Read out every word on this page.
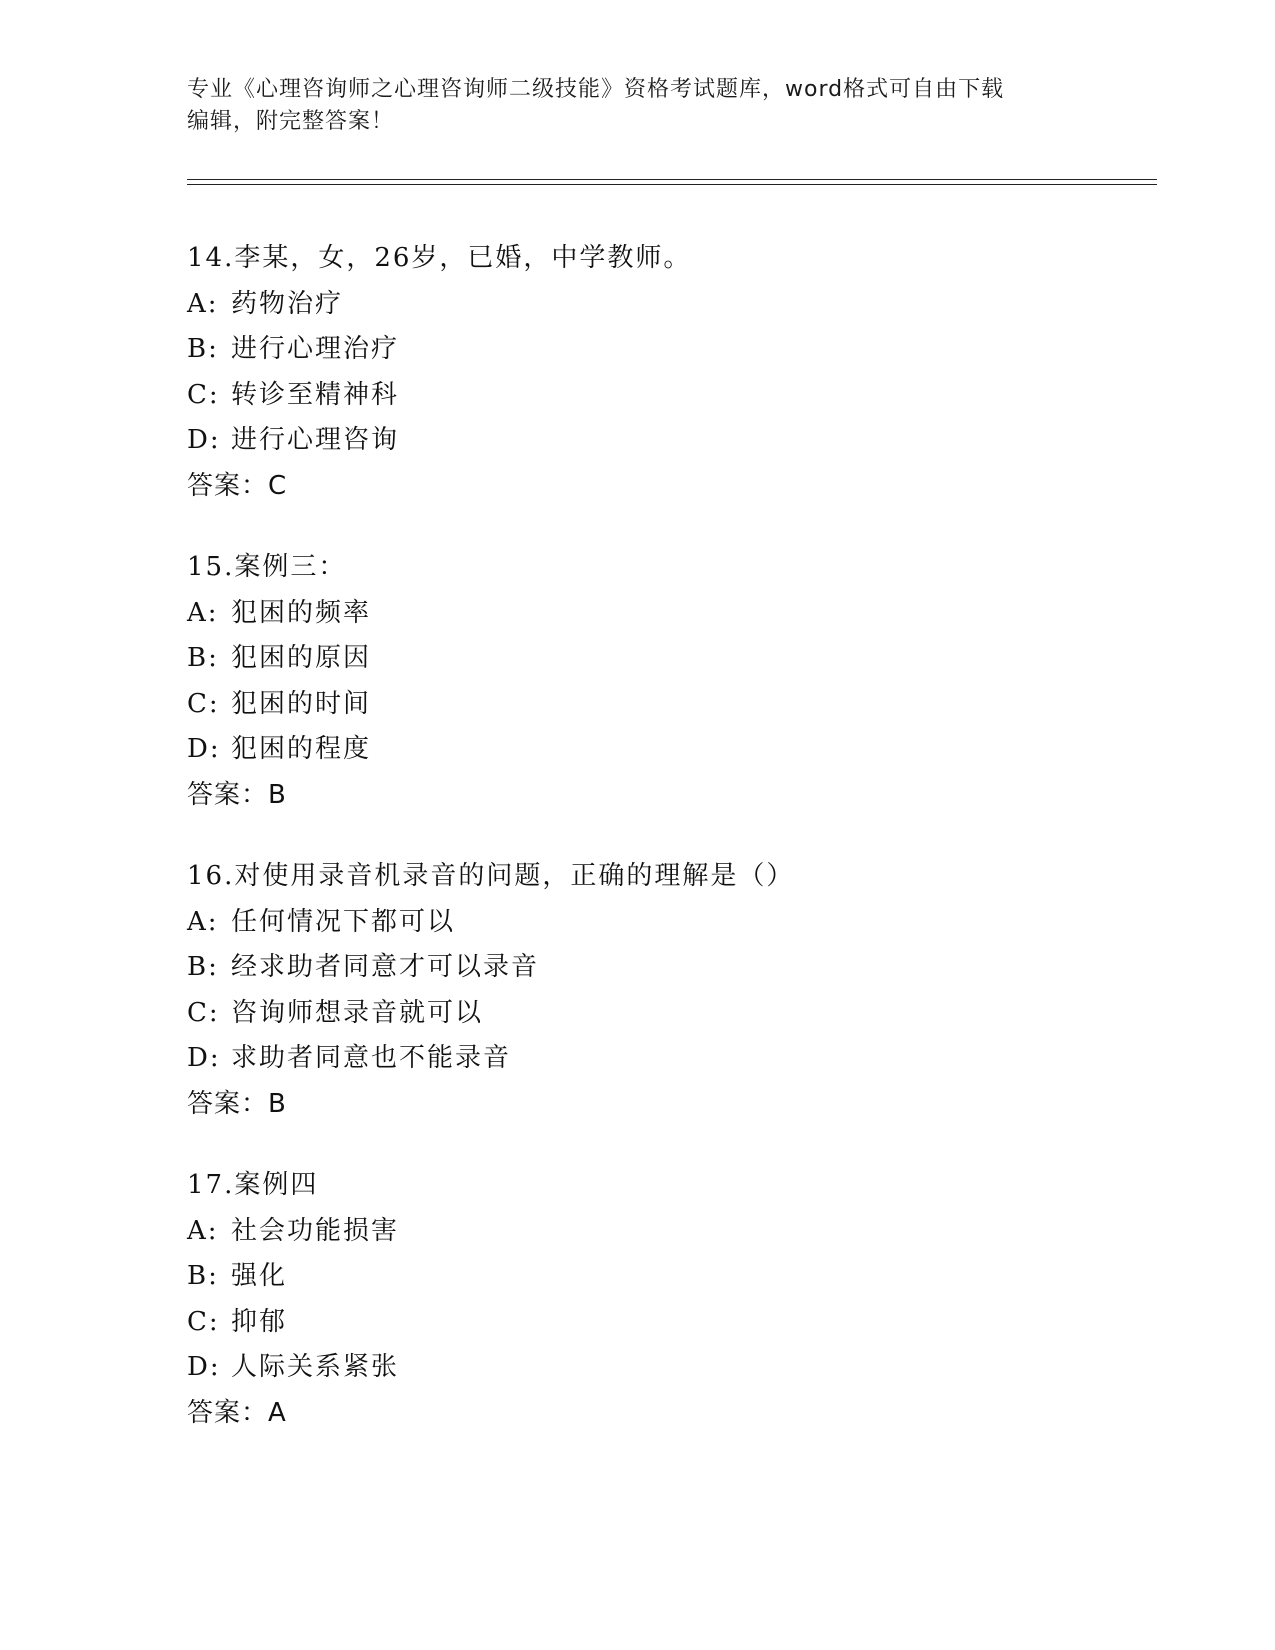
专业《心理咨询师之心理咨询师二级技能》资格考试题库，word格式可自由下载
编辑，附完整答案！
14.李某，女，26岁，已婚，中学教师。
A: 药物治疗
B: 进行心理治疗
C: 转诊至精神科
D: 进行心理咨询
答案：C
15.案例三：
A: 犯困的频率
B: 犯困的原因
C: 犯困的时间
D: 犯困的程度
答案：B
16.对使用录音机录音的问题，正确的理解是（）
A: 任何情况下都可以
B: 经求助者同意才可以录音
C: 咨询师想录音就可以
D: 求助者同意也不能录音
答案：B
17.案例四
A: 社会功能损害
B: 强化
C: 抑郁
D: 人际关系紧张
答案：A
